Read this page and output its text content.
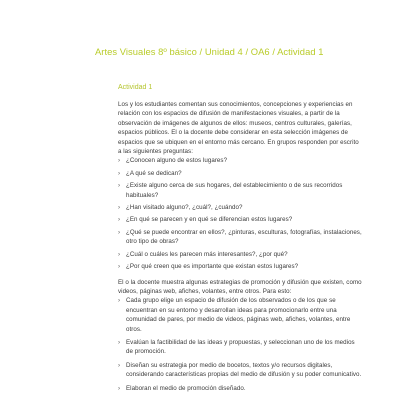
Artes Visuales 8º básico / Unidad 4 / OA6 / Actividad 1
Actividad 1

Los y los estudiantes comentan sus conocimientos, concepciones y experiencias en relación con los espacios de difusión de manifestaciones visuales, a partir de la observación de imágenes de algunos de ellos: museos, centros culturales, galerías, espacios públicos. El o la docente debe considerar en esta selección imágenes de espacios que se ubiquen en el entorno más cercano. En grupos responden por escrito a las siguientes preguntas:

› ¿Conocen alguno de estos lugares?
› ¿A qué se dedican?
› ¿Existe alguno cerca de sus hogares, del establecimiento o de sus recorridos habituales?
› ¿Han visitado alguno?, ¿cuál?, ¿cuándo?
› ¿En qué se parecen y en qué se diferencian estos lugares?
› ¿Qué se puede encontrar en ellos?, ¿pinturas, esculturas, fotografías, instalaciones, otro tipo de obras?
› ¿Cuál o cuáles les parecen más interesantes?, ¿por qué?
› ¿Por qué creen que es importante que existan estos lugares?

El o la docente muestra algunas estrategias de promoción y difusión que existen, como videos, páginas web, afiches, volantes, entre otros. Para esto:

› Cada grupo elige un espacio de difusión de los observados o de los que se encuentran en su entorno y desarrollan ideas para promocionarlo entre una comunidad de pares, por medio de videos, páginas web, afiches, volantes, entre otros.
› Evalúan la factibilidad de las ideas y propuestas, y seleccionan uno de los medios de promoción.
› Diseñan su estrategia por medio de bocetos, textos y/o recursos digitales, considerando características propias del medio de difusión y su poder comunicativo.
› Elaboran el medio de promoción diseñado.
